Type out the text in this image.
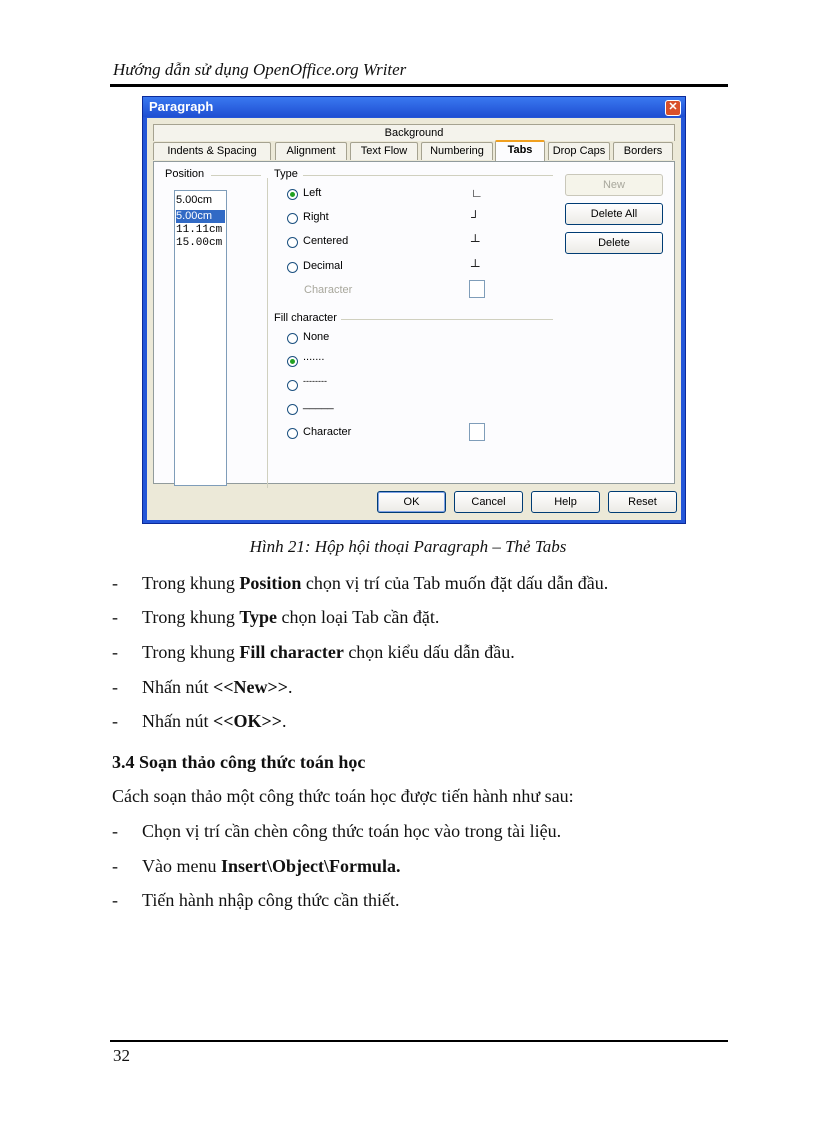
Hướng dẫn sử dụng OpenOffice.org Writer
Paragraph	✕
Background
Indents & Spacing	Alignment	Text Flow	Numbering	Tabs	Drop Caps	Borders
Position
5.00cm
5.00cm
11.11cm
15.00cm
Type
Left	∟
Right	┘
Centered	┴
Decimal	┴
Character
Fill character
None
.......
--------
_____
Character
New
Delete All
Delete
OK	Cancel	Help	Reset
Hình 21: Hộp hội thoại Paragraph – Thẻ Tabs
- Trong khung Position chọn vị trí của Tab muốn đặt dấu dẫn đầu.
- Trong khung Type chọn loại Tab cần đặt.
- Trong khung Fill character chọn kiểu dấu dẫn đầu.
- Nhấn nút <<New>>.
- Nhấn nút <<OK>>.
3.4 Soạn thảo công thức toán học
Cách soạn thảo một công thức toán học được tiến hành như sau:
- Chọn vị trí cần chèn công thức toán học vào trong tài liệu.
- Vào menu Insert\Object\Formula.
- Tiến hành nhập công thức cần thiết.
32
